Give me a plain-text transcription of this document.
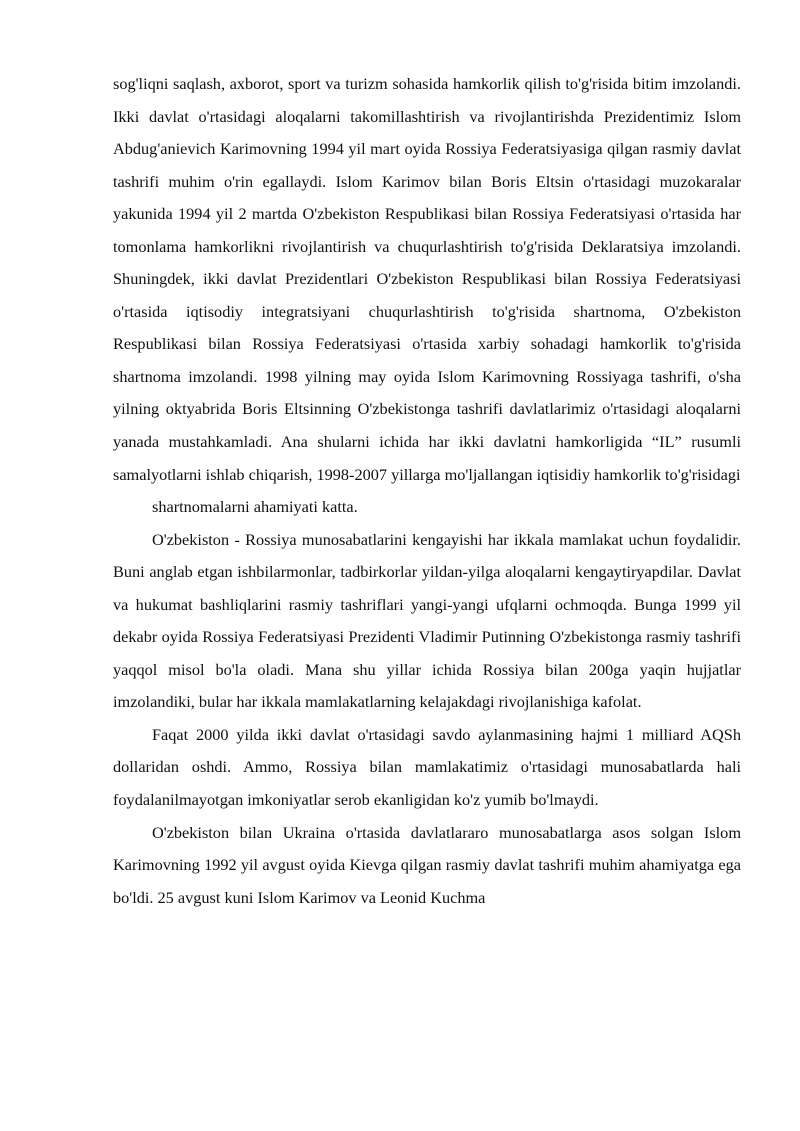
sog'liqni saqlash, axborot, sport va turizm sohasida hamkorlik qilish to'g'risida bitim imzolandi. Ikki davlat o'rtasidagi aloqalarni takomillashtirish va rivojlantirishda Prezidentimiz Islom Abdug'anievich Karimovning 1994 yil mart oyida Rossiya Federatsiyasiga qilgan rasmiy davlat tashrifi muhim o'rin egallaydi. Islom Karimov bilan Boris Eltsin o'rtasidagi muzokaralar yakunida 1994 yil 2 martda O'zbekiston Respublikasi bilan Rossiya Federatsiyasi o'rtasida har tomonlama hamkorlikni rivojlantirish va chuqurlashtirish to'g'risida Deklaratsiya imzolandi. Shuningdek, ikki davlat Prezidentlari O'zbekiston Respublikasi bilan Rossiya Federatsiyasi o'rtasida iqtisodiy integratsiyani chuqurlashtirish to'g'risida shartnoma, O'zbekiston Respublikasi bilan Rossiya Federatsiyasi o'rtasida xarbiy sohadagi hamkorlik to'g'risida shartnoma imzolandi. 1998 yilning may oyida Islom Karimovning Rossiyaga tashrifi, o'sha yilning oktyabrida Boris Eltsinning O'zbekistonga tashrifi davlatlarimiz o'rtasidagi aloqalarni yanada mustahkamladi. Ana shularni ichida har ikki davlatni hamkorligida “IL” rusumli samalyotlarni ishlab chiqarish, 1998-2007 yillarga mo'ljallangan iqtisidiy hamkorlik to'g'risidagi

shartnomalarni ahamiyati katta.

O'zbekiston - Rossiya munosabatlarini kengayishi har ikkala mamlakat uchun foydalidir. Buni anglab etgan ishbilarmonlar, tadbirkorlar yildan-yilga aloqalarni kengaytiryapdilar. Davlat va hukumat bashliqlarini rasmiy tashriflari yangi-yangi ufqlarni ochmoqda. Bunga 1999 yil dekabr oyida Rossiya Federatsiyasi Prezidenti Vladimir Putinning O'zbekistonga rasmiy tashrifi yaqqol misol bo'la oladi. Mana shu yillar ichida Rossiya bilan 200ga yaqin hujjatlar imzolandiki, bular har ikkala mamlakatlarning kelajakdagi rivojlanishiga kafolat.

Faqat 2000 yilda ikki davlat o'rtasidagi savdo aylanmasining hajmi 1 milliard AQSh dollaridan oshdi. Ammo, Rossiya bilan mamlakatimiz o'rtasidagi munosabatlarda hali foydalanilmayotgan imkoniyatlar serob ekanligidan ko'z yumib bo'lmaydi.

O'zbekiston bilan Ukraina o'rtasida davlatlararo munosabatlarga asos solgan Islom Karimovning 1992 yil avgust oyida Kievga qilgan rasmiy davlat tashrifi muhim ahamiyatga ega bo'ldi. 25 avgust kuni Islom Karimov va Leonid Kuchma
